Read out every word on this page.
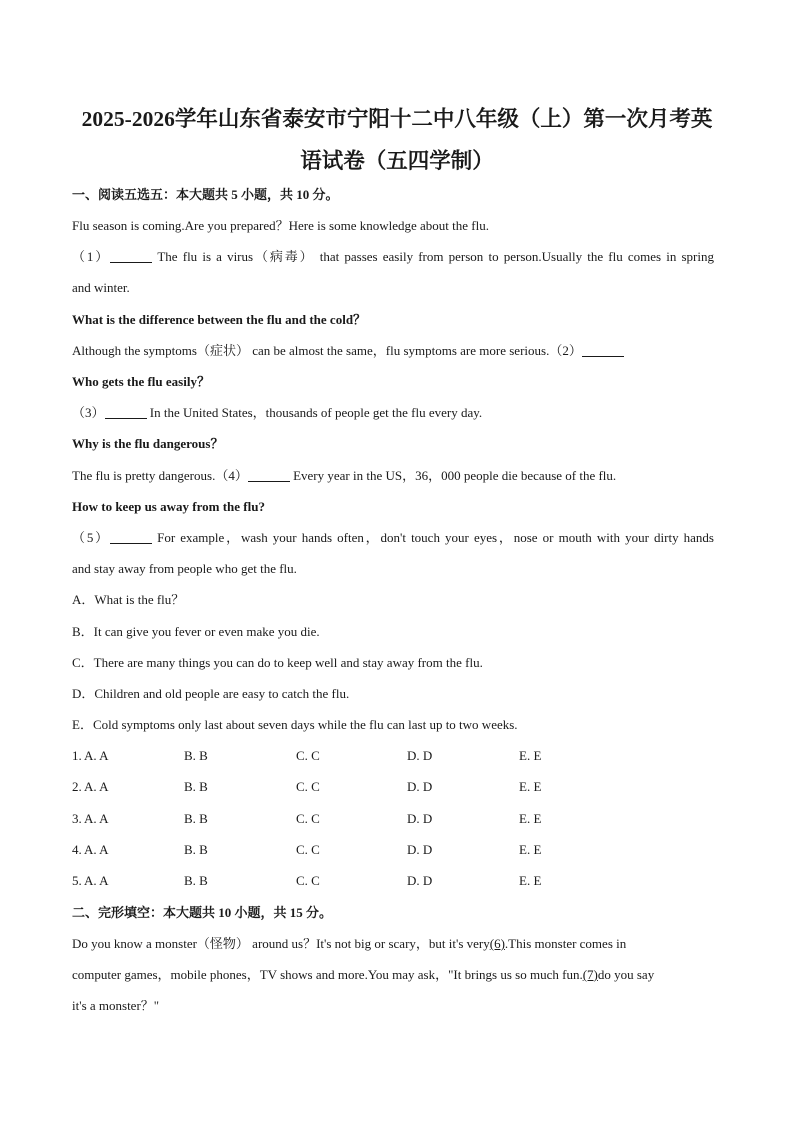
2025-2026学年山东省泰安市宁阳十二中八年级（上）第一次月考英
语试卷（五四学制）
一、阅读五选五：本大题共 5 小题，共 10 分。
Flu season is coming.Are you prepared？Here is some knowledge about the flu.
（1）	The flu is a virus（病毒） that passes easily from person to person.Usually the flu comes in spring
and winter.
What is the difference between the flu and the cold？
Although the symptoms（症状） can be almost the same，flu symptoms are more serious.（2）
Who gets the flu easily？
（3）	In the United States，thousands of people get the flu every day.
Why is the flu dangerous？
The flu is pretty dangerous.（4）	Every year in the US，36，000 people die because of the flu.
How to keep us away from the flu?
（5）	For example，wash your hands often，don't touch your eyes，nose or mouth with your dirty hands
and stay away from people who get the flu.
A．What is the flu？
B．It can give you fever or even make you die.
C．There are many things you can do to keep well and stay away from the flu.
D．Children and old people are easy to catch the flu.
E．Cold symptoms only last about seven days while the flu can last up to two weeks.
1. A. A	B. B	C. C	D. D	E. E
2. A. A	B. B	C. C	D. D	E. E
3. A. A	B. B	C. C	D. D	E. E
4. A. A	B. B	C. C	D. D	E. E
5. A. A	B. B	C. C	D. D	E. E
二、完形填空：本大题共 10 小题，共 15 分。
Do you know a monster（怪物） around us？It's not big or scary，but it's very(6).This monster comes in
computer games，mobile phones，TV shows and more.You may ask，"It brings us so much fun.(7)do you say
it's a monster？"
